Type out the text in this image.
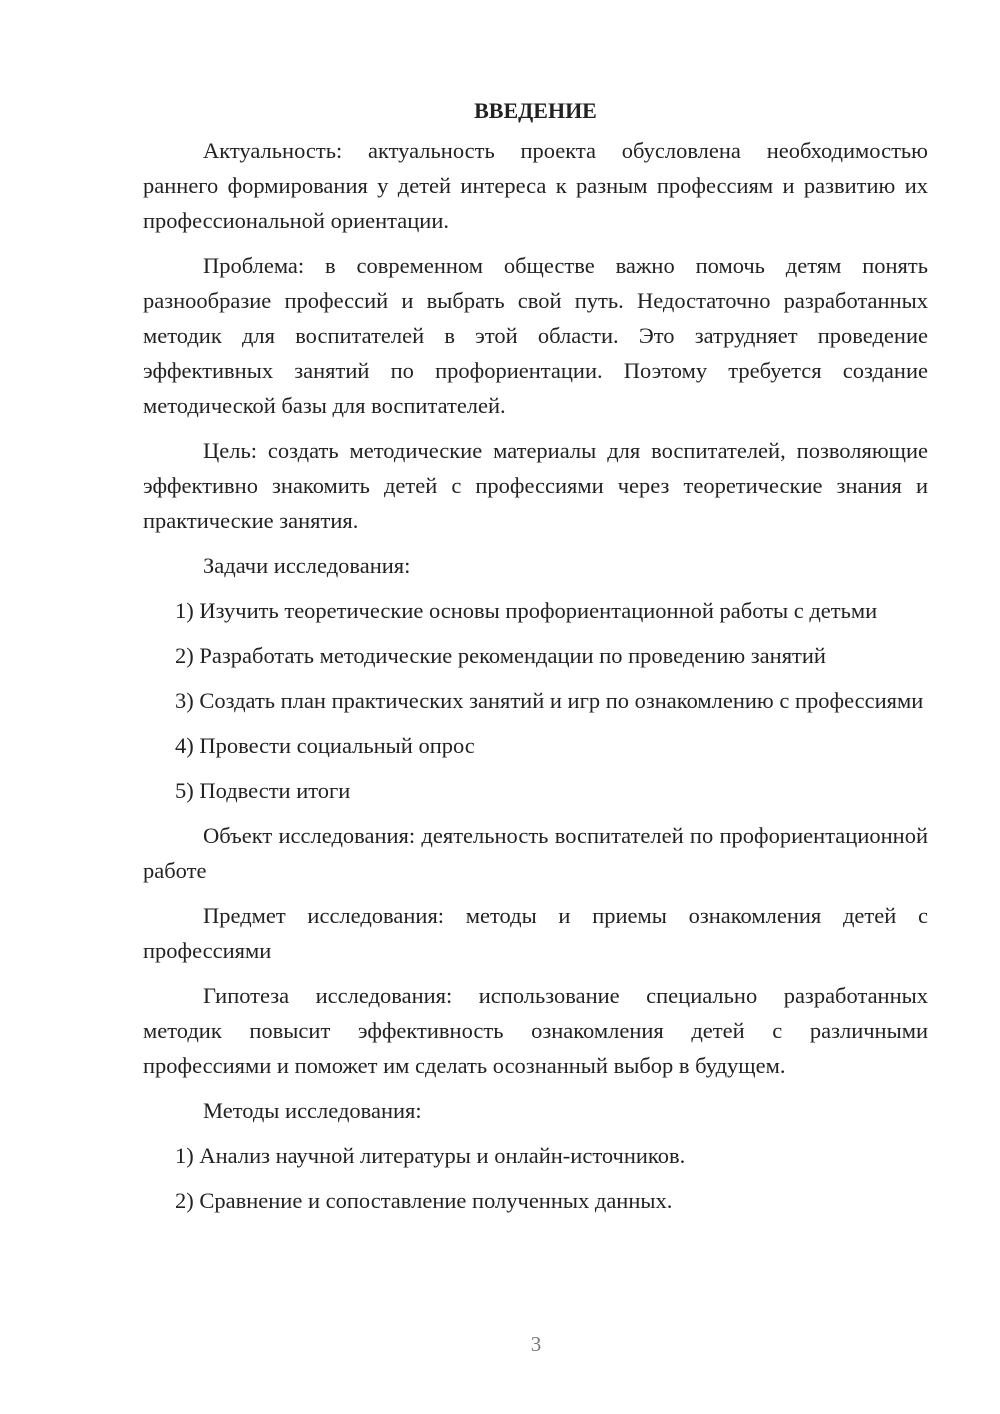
ВВЕДЕНИЕ

Актуальность: актуальность проекта обусловлена необходимостью раннего формирования у детей интереса к разным профессиям и развитию их профессиональной ориентации.

Проблема: в современном обществе важно помочь детям понять разнообразие профессий и выбрать свой путь. Недостаточно разработанных методик для воспитателей в этой области. Это затрудняет проведение эффективных занятий по профориентации. Поэтому требуется создание методической базы для воспитателей.

Цель: создать методические материалы для воспитателей, позволяющие эффективно знакомить детей с профессиями через теоретические знания и практические занятия.

Задачи исследования:

1) Изучить теоретические основы профориентационной работы с детьми

2) Разработать методические рекомендации по проведению занятий

3) Создать план практических занятий и игр по ознакомлению с профессиями

4) Провести социальный опрос

5) Подвести итоги

Объект исследования: деятельность воспитателей по профориентационной работе

Предмет исследования: методы и приемы ознакомления детей с профессиями

Гипотеза исследования: использование специально разработанных методик повысит эффективность ознакомления детей с различными профессиями и поможет им сделать осознанный выбор в будущем.

Методы исследования:

1) Анализ научной литературы и онлайн-источников.

2) Сравнение и сопоставление полученных данных.

3
